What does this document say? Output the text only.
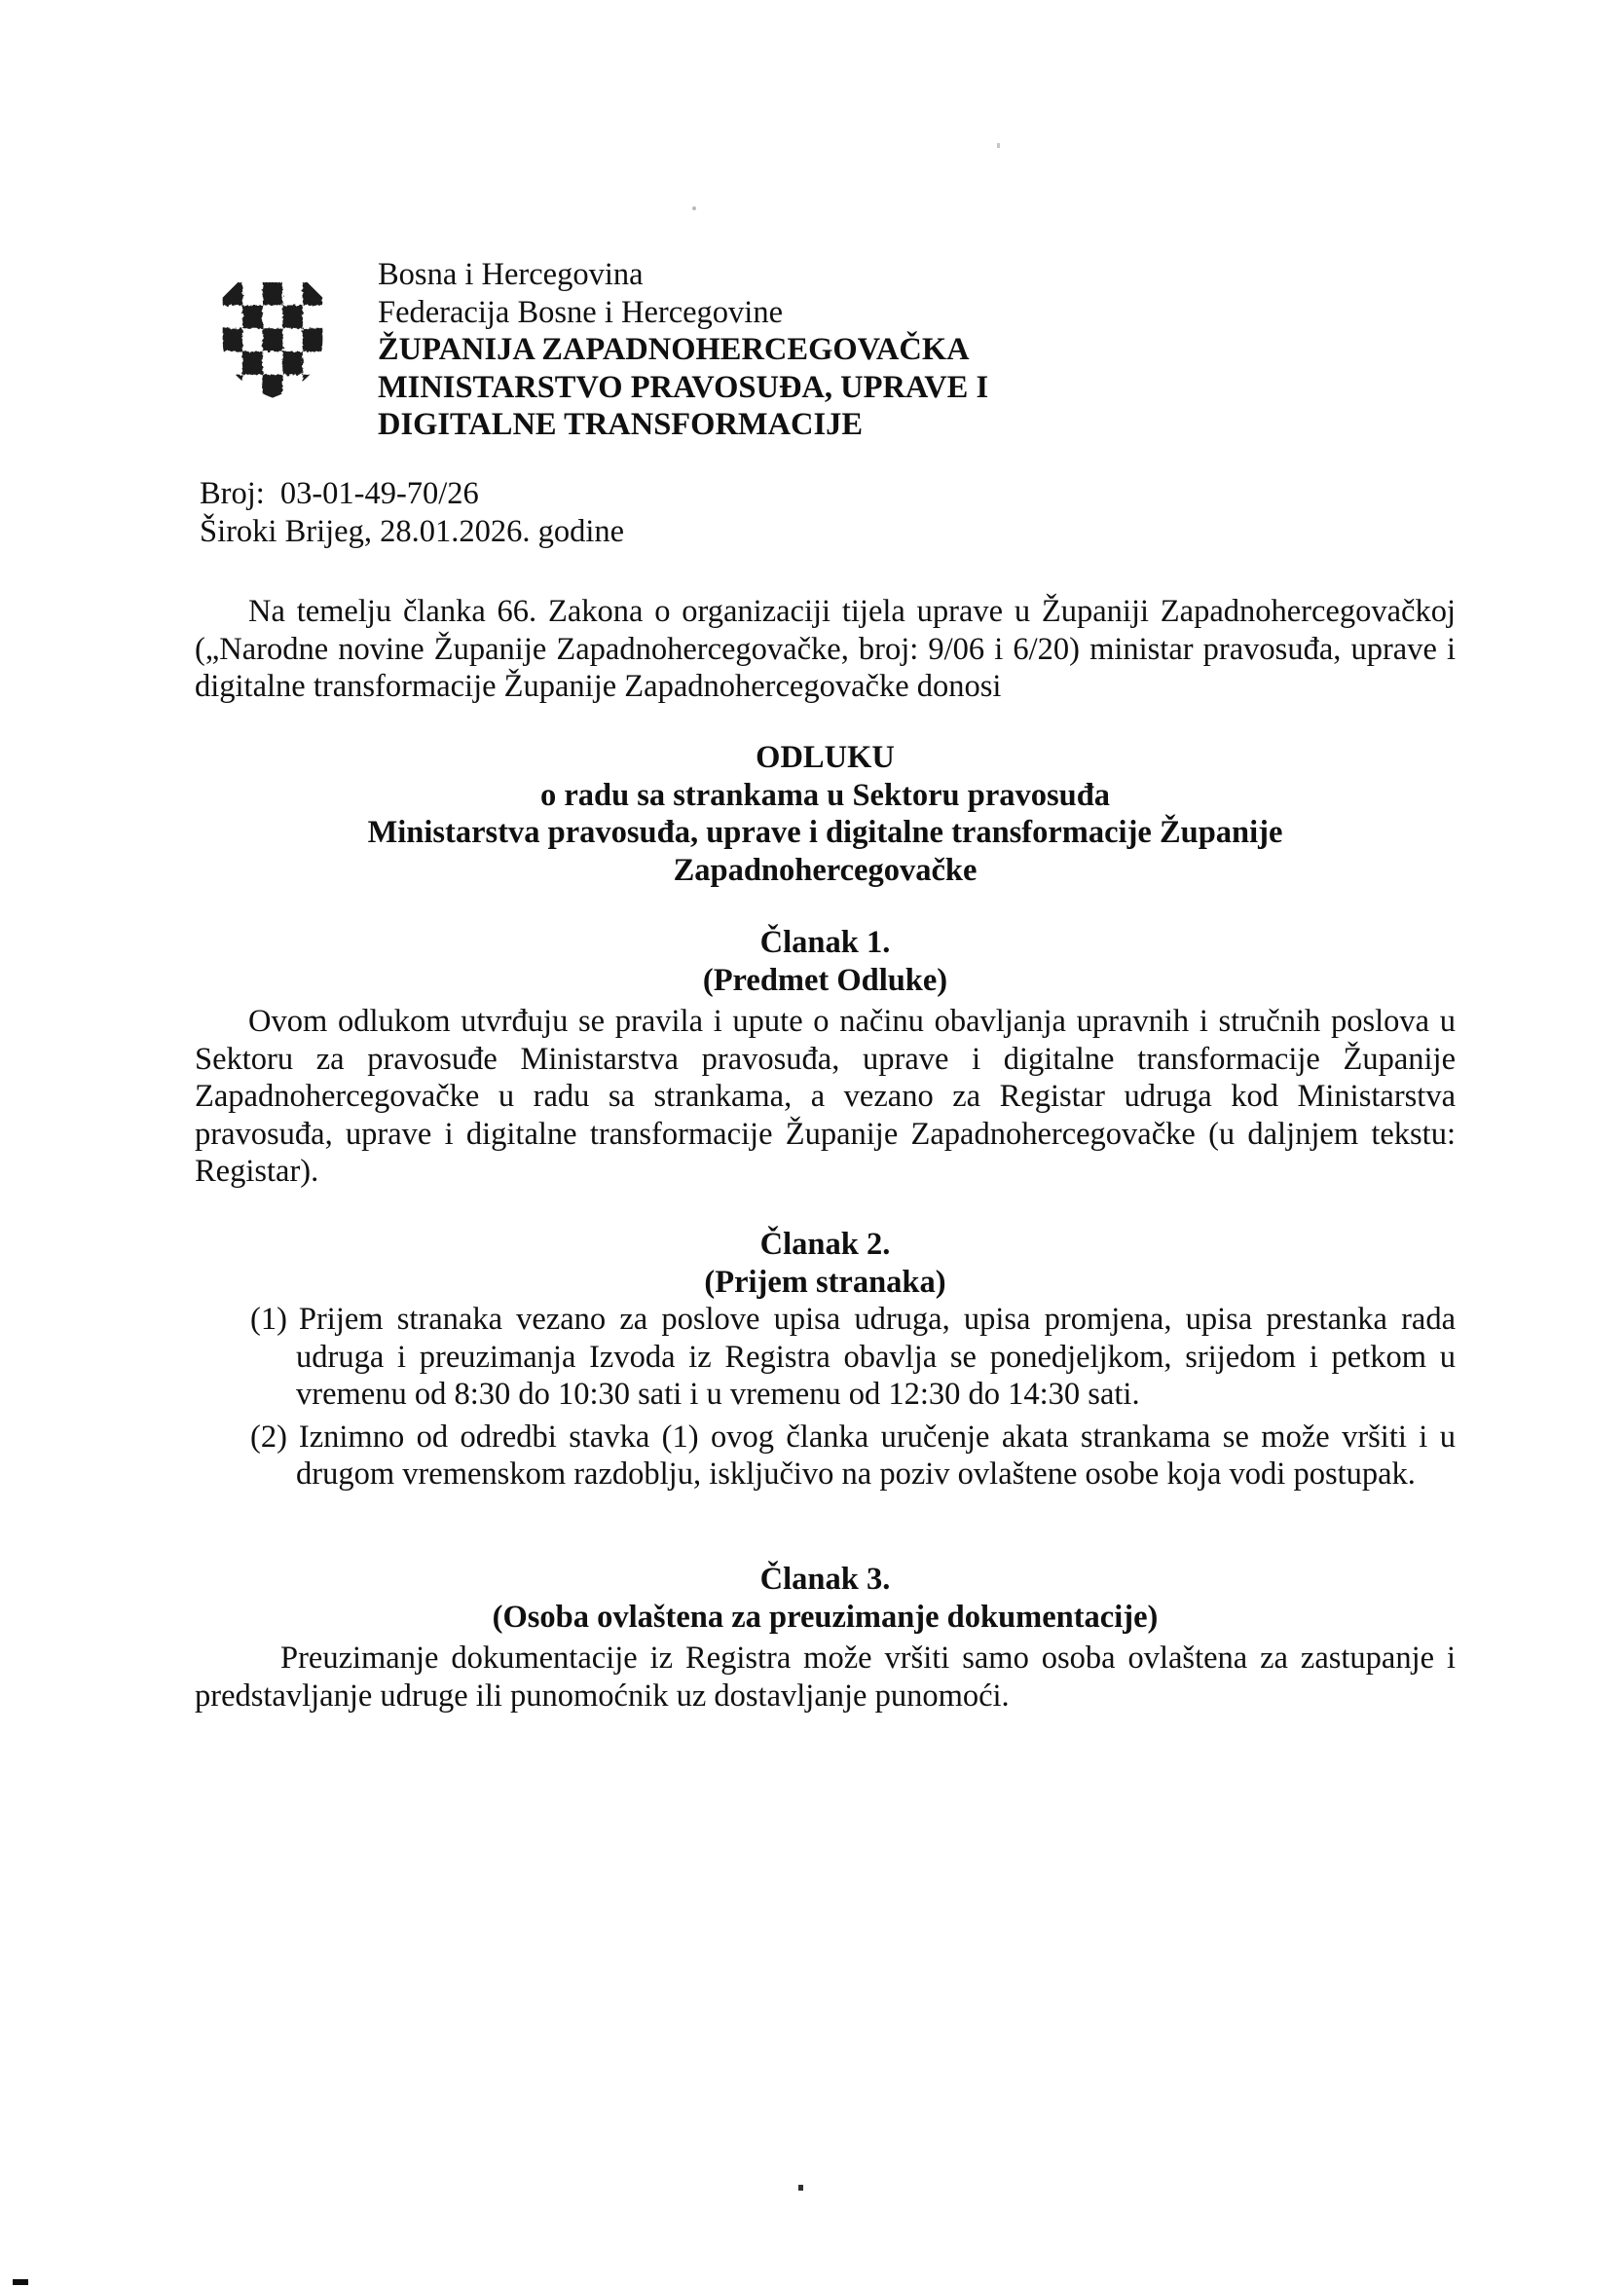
Bosna i Hercegovina
Federacija Bosne i Hercegovine
ŽUPANIJA ZAPADNOHERCEGOVAČKA
MINISTARSTVO PRAVOSUĐA, UPRAVE I
DIGITALNE TRANSFORMACIJE
Broj: 03-01-49-70/26
Široki Brijeg, 28.01.2026. godine

Na temelju članka 66. Zakona o organizaciji tijela uprave u Županiji Zapadnohercegovačkoj („Narodne novine Županije Zapadnohercegovačke, broj: 9/06 i 6/20) ministar pravosuđa, uprave i digitalne transformacije Županije Zapadnohercegovačke donosi

ODLUKU
o radu sa strankama u Sektoru pravosuđa
Ministarstva pravosuđa, uprave i digitalne transformacije Županije
Zapadnohercegovačke
Članak 1.
(Predmet Odluke)

Ovom odlukom utvrđuju se pravila i upute o načinu obavljanja upravnih i stručnih poslova u Sektoru za pravosuđe Ministarstva pravosuđa, uprave i digitalne transformacije Županije Zapadnohercegovačke u radu sa strankama, a vezano za Registar udruga kod Ministarstva pravosuđa, uprave i digitalne transformacije Županije Zapadnohercegovačke (u daljnjem tekstu: Registar).

Članak 2.
(Prijem stranaka)

(1) Prijem stranaka vezano za poslove upisa udruga, upisa promjena, upisa prestanka rada udruga i preuzimanja Izvoda iz Registra obavlja se ponedjeljkom, srijedom i petkom u vremenu od 8:30 do 10:30 sati i u vremenu od 12:30 do 14:30 sati.

(2) Iznimno od odredbi stavka (1) ovog članka uručenje akata strankama se može vršiti i u drugom vremenskom razdoblju, isključivo na poziv ovlaštene osobe koja vodi postupak.

Članak 3.
(Osoba ovlaštena za preuzimanje dokumentacije)

Preuzimanje dokumentacije iz Registra može vršiti samo osoba ovlaštena za zastupanje i predstavljanje udruge ili punomoćnik uz dostavljanje punomoći.
